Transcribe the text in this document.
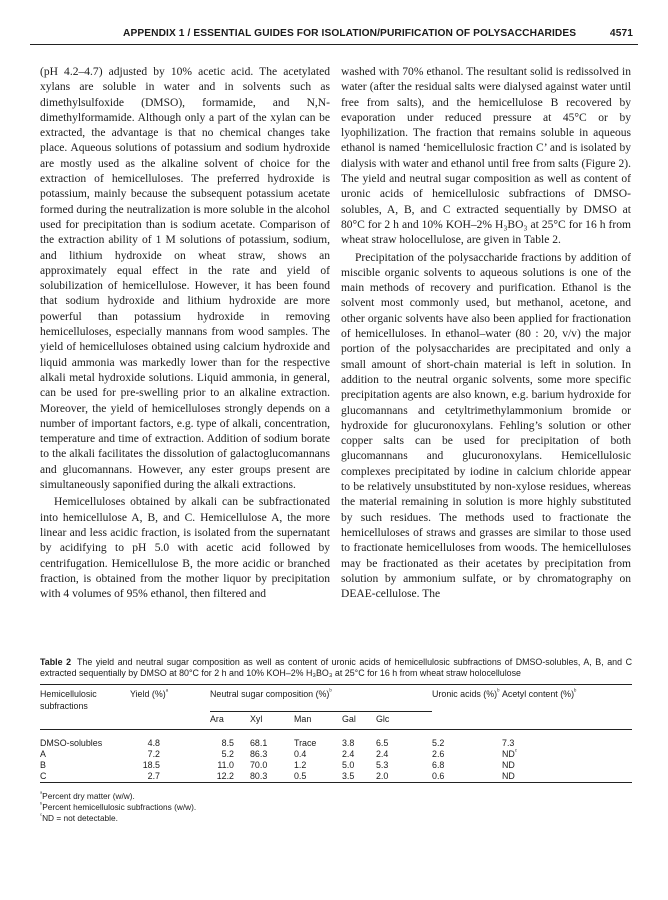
APPENDIX 1 / ESSENTIAL GUIDES FOR ISOLATION/PURIFICATION OF POLYSACCHARIDES	4571

(pH 4.2–4.7) adjusted by 10% acetic acid. The acetylated xylans are soluble in water and in solvents such as dimethylsulfoxide (DMSO), formamide, and N,N-dimethylformamide. Although only a part of the xylan can be extracted, the advantage is that no chemical changes take place. Aqueous solutions of potassium and sodium hydroxide are mostly used as the alkaline solvent of choice for the extraction of hemicelluloses. The preferred hydroxide is potassium, mainly because the subsequent potassium acetate formed during the neutralization is more soluble in the alcohol used for precipitation than is sodium acetate. Comparison of the extraction ability of 1 M solutions of potassium, sodium, and lithium hydroxide on wheat straw, shows an approximately equal effect in the rate and yield of solubilization of hemicellulose. However, it has been found that sodium hydroxide and lithium hydroxide are more powerful than potassium hydroxide in removing hemicelluloses, especially mannans from wood samples. The yield of hemicelluloses obtained using calcium hydroxide and liquid ammonia was markedly lower than for the respective alkali metal hydroxide solutions. Liquid ammonia, in general, can be used for pre-swelling prior to an alkaline extraction. Moreover, the yield of hemicelluloses strongly depends on a number of important factors, e.g. type of alkali, concentration, temperature and time of extraction. Addition of sodium borate to the alkali facilitates the dissolution of galactoglucomannans and glucomannans. However, any ester groups present are simultaneously saponified during the alkali extractions.

Hemicelluloses obtained by alkali can be subfractionated into hemicellulose A, B, and C. Hemicellulose A, the more linear and less acidic fraction, is isolated from the supernatant by acidifying to pH 5.0 with acetic acid followed by centrifugation. Hemicellulose B, the more acidic or branched fraction, is obtained from the mother liquor by precipitation with 4 volumes of 95% ethanol, then filtered and

washed with 70% ethanol. The resultant solid is redissolved in water (after the residual salts were dialysed against water until free from salts), and the hemicellulose B recovered by evaporation under reduced pressure at 45°C or by lyophilization. The fraction that remains soluble in aqueous ethanol is named ‘hemicellulosic fraction C’ and is isolated by dialysis with water and ethanol until free from salts (Figure 2). The yield and neutral sugar composition as well as content of uronic acids of hemicellulosic subfractions of DMSO-solubles, A, B, and C extracted sequentially by DMSO at 80°C for 2 h and 10% KOH–2% H₃BO₃ at 25°C for 16 h from wheat straw holocellulose, are given in Table 2.

Precipitation of the polysaccharide fractions by addition of miscible organic solvents to aqueous solutions is one of the main methods of recovery and purification. Ethanol is the solvent most commonly used, but methanol, acetone, and other organic solvents have also been applied for fractionation of hemicelluloses. In ethanol–water (80 : 20, v/v) the major portion of the polysaccharides are precipitated and only a small amount of short-chain material is left in solution. In addition to the neutral organic solvents, some more specific precipitation agents are also known, e.g. barium hydroxide for glucomannans and cetyltrimethylammonium bromide or hydroxide for glucuronoxylans. Fehling’s solution or other copper salts can be used for precipitation of both glucomannans and glucuronoxylans. Hemicellulosic complexes precipitated by iodine in calcium chloride appear to be relatively unsubstituted by non-xylose residues, whereas the material remaining in solution is more highly substituted by such residues. The methods used to fractionate the hemicelluloses of straws and grasses are similar to those used to fractionate hemicelluloses from woods. The hemicelluloses may be fractionated as their acetates by precipitation from solution by ammonium sulfate, or by chromatography on DEAE-cellulose. The

Table 2 The yield and neutral sugar composition as well as content of uronic acids of hemicellulosic subfractions of DMSO-solubles, A, B, and C extracted sequentially by DMSO at 80°C for 2 h and 10% KOH–2% H₃BO₃ at 25°C for 16 h from wheat straw holocellulose

Hemicellulosic subfractions	Yield (%)$^ᵃ$	Neutral sugar composition (%)$^ᵇ$					Uronic acids (%)$^ᵇ$	Acetyl content (%)$^ᵇ$
		Ara	Xyl	Man	Gal	Glc		

DMSO-solubles	4.8	8.5	68.1	Trace	3.8	6.5	5.2	7.3
A	7.2	5.2	86.3	0.4	2.4	2.4	2.6	$ND^ᶜ$
B	18.5	11.0	70.0	1.2	5.0	5.3	6.8	ND
C	2.7	12.2	80.3	0.5	3.5	2.0	0.6	ND

$^ᵃ$Percent dry matter (w/w).
$^ᵇ$Percent hemicellulosic subfractions (w/w).
$^ᶜ$ND = not detectable.
